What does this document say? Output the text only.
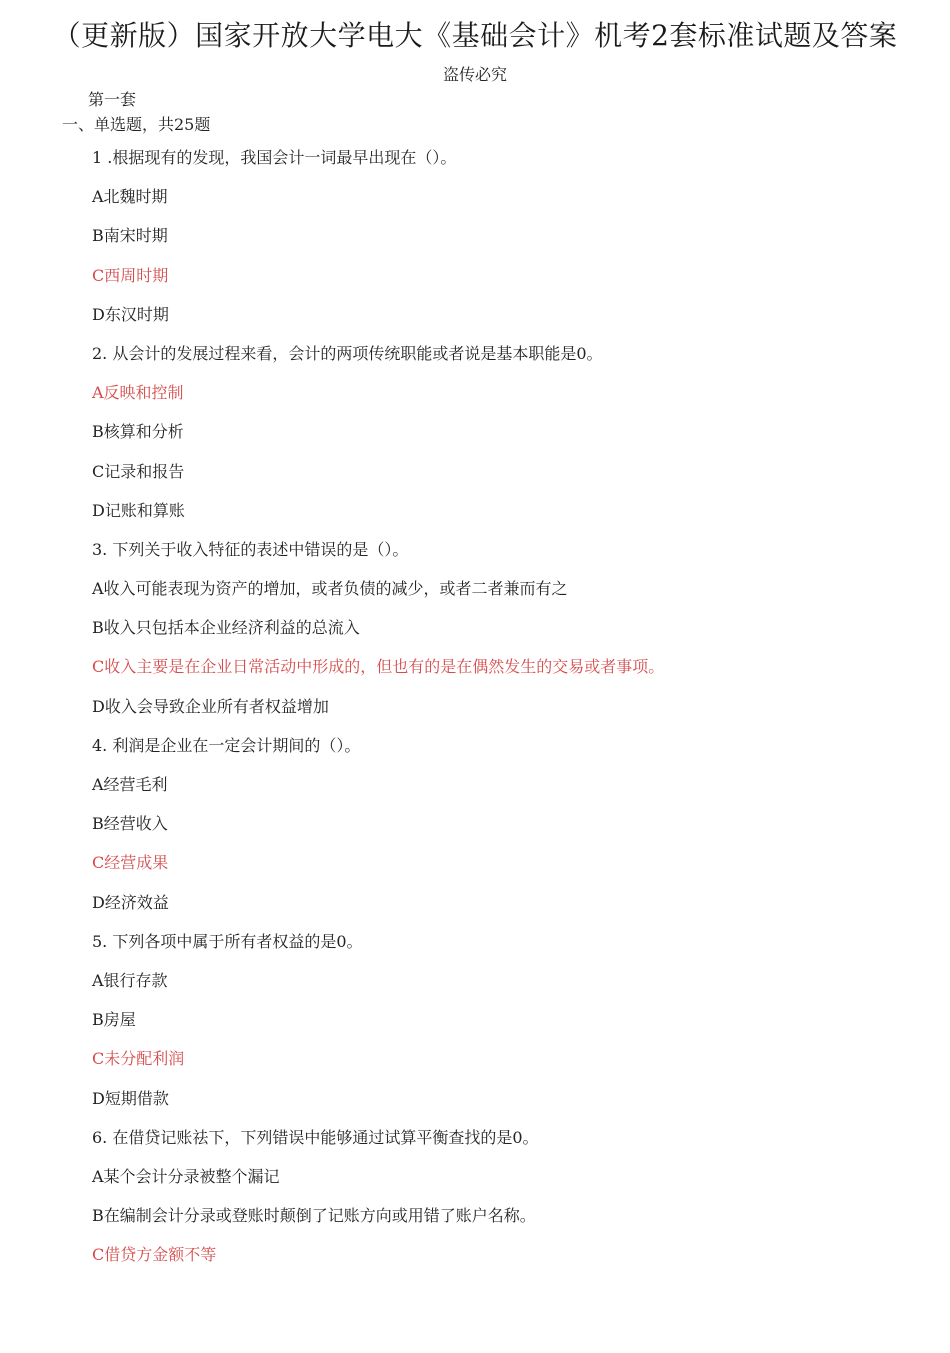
（更新版）国家开放大学电大《基础会计》机考2套标准试题及答案
盗传必究
第一套
一、单选题，共25题
1 .根据现有的发现，我国会计一词最早出现在（）。
A北魏时期
B南宋时期
C西周时期
D东汉时期
2. 从会计的发展过程来看，会计的两项传统职能或者说是基本职能是0。
A反映和控制
B核算和分析
C记录和报告
D记账和算账
3. 下列关于收入特征的表述中错误的是（）。
A收入可能表现为资产的增加，或者负债的减少，或者二者兼而有之
B收入只包括本企业经济利益的总流入
C收入主要是在企业日常活动中形成的，但也有的是在偶然发生的交易或者事项。
D收入会导致企业所有者权益增加
4. 利润是企业在一定会计期间的（）。
A经营毛利
B经营收入
C经营成果
D经济效益
5. 下列各项中属于所有者权益的是0。
A银行存款
B房屋
C未分配利润
D短期借款
6. 在借贷记账祛下，下列错误中能够通过试算平衡查找的是0。
A某个会计分录被整个漏记
B在编制会计分录或登账时颠倒了记账方向或用错了账户名称。
C借贷方金额不等
